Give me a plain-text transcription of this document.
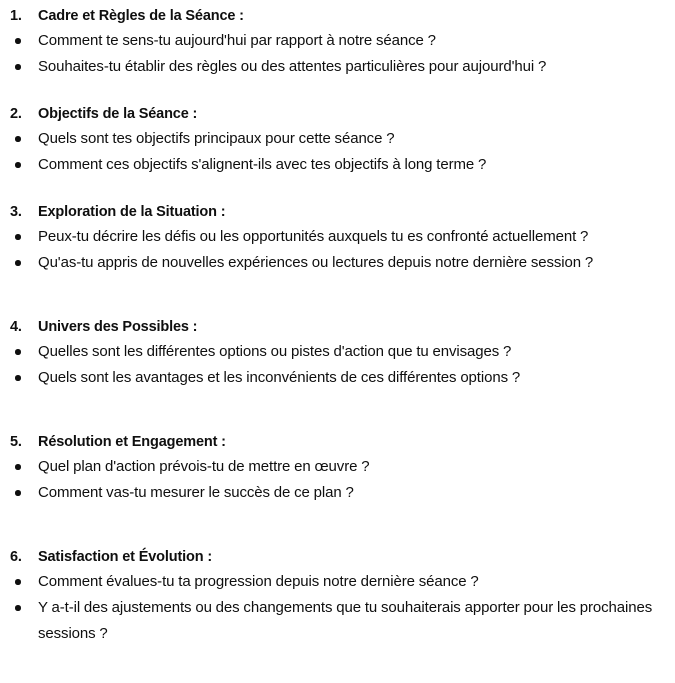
1.	Cadre et Règles de la Séance :
Comment te sens-tu aujourd'hui par rapport à notre séance ?
Souhaites-tu établir des règles ou des attentes particulières pour aujourd'hui ?
2.	Objectifs de la Séance :
Quels sont tes objectifs principaux pour cette séance ?
Comment ces objectifs s'alignent-ils avec tes objectifs à long terme ?
3.	Exploration de la Situation :
Peux-tu décrire les défis ou les opportunités auxquels tu es confronté actuellement ?
Qu'as-tu appris de nouvelles expériences ou lectures depuis notre dernière session ?
4.	Univers des Possibles :
Quelles sont les différentes options ou pistes d'action que tu envisages ?
Quels sont les avantages et les inconvénients de ces différentes options ?
5.	Résolution et Engagement :
Quel plan d'action prévois-tu de mettre en œuvre ?
Comment vas-tu mesurer le succès de ce plan ?
6.	Satisfaction et Évolution :
Comment évalues-tu ta progression depuis notre dernière séance ?
Y a-t-il des ajustements ou des changements que tu souhaiterais apporter pour les prochaines sessions ?
